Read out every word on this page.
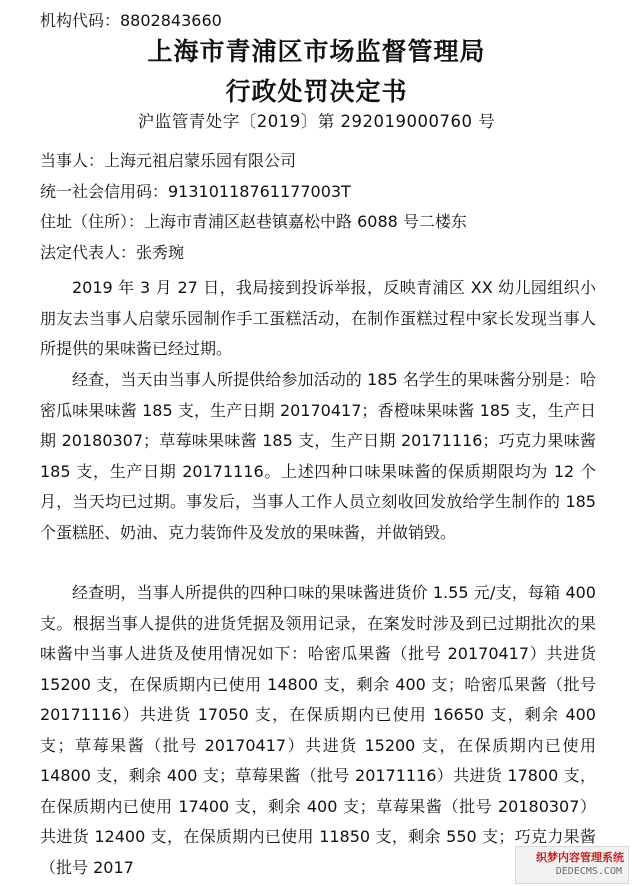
机构代码：8802843660
上海市青浦区市场监督管理局
行政处罚决定书
沪监管青处字〔2019〕第 292019000760 号
当事人：上海元祖启蒙乐园有限公司
统一社会信用码：91310118761177003T
住址（住所）：上海市青浦区赵巷镇嘉松中路 6088 号二楼东
法定代表人：张秀琬

2019 年 3 月 27 日，我局接到投诉举报，反映青浦区 XX 幼儿园组织小朋友去当事人启蒙乐园制作手工蛋糕活动，在制作蛋糕过程中家长发现当事人所提供的果味酱已经过期。

经查，当天由当事人所提供给参加活动的 185 名学生的果味酱分别是：哈密瓜味果味酱 185 支，生产日期 20170417；香橙味果味酱 185 支，生产日期 20180307；草莓味果味酱 185 支，生产日期 20171116；巧克力果味酱 185 支，生产日期 20171116。上述四种口味果味酱的保质期限均为 12 个月，当天均已过期。事发后，当事人工作人员立刻收回发放给学生制作的 185 个蛋糕胚、奶油、克力装饰件及发放的果味酱，并做销毁。

经查明，当事人所提供的四种口味的果味酱进货价 1.55 元/支，每箱 400 支。根据当事人提供的进货凭据及领用记录，在案发时涉及到已过期批次的果味酱中当事人进货及使用情况如下：哈密瓜果酱（批号 20170417）共进货 15200 支，在保质期内已使用 14800 支，剩余 400 支；哈密瓜果酱（批号 20171116）共进货 17050 支，在保质期内已使用 16650 支，剩余 400 支；草莓果酱（批号 20170417）共进货 15200 支，在保质期内已使用 14800 支，剩余 400 支；草莓果酱（批号 20171116）共进货 17800 支，在保质期内已使用 17400 支，剩余 400 支；草莓果酱（批号 20180307）共进货 12400 支，在保质期内已使用 11850 支，剩余 550 支；巧克力果酱（批号 2017	织梦内容管理系统
DEDECMS.COM
